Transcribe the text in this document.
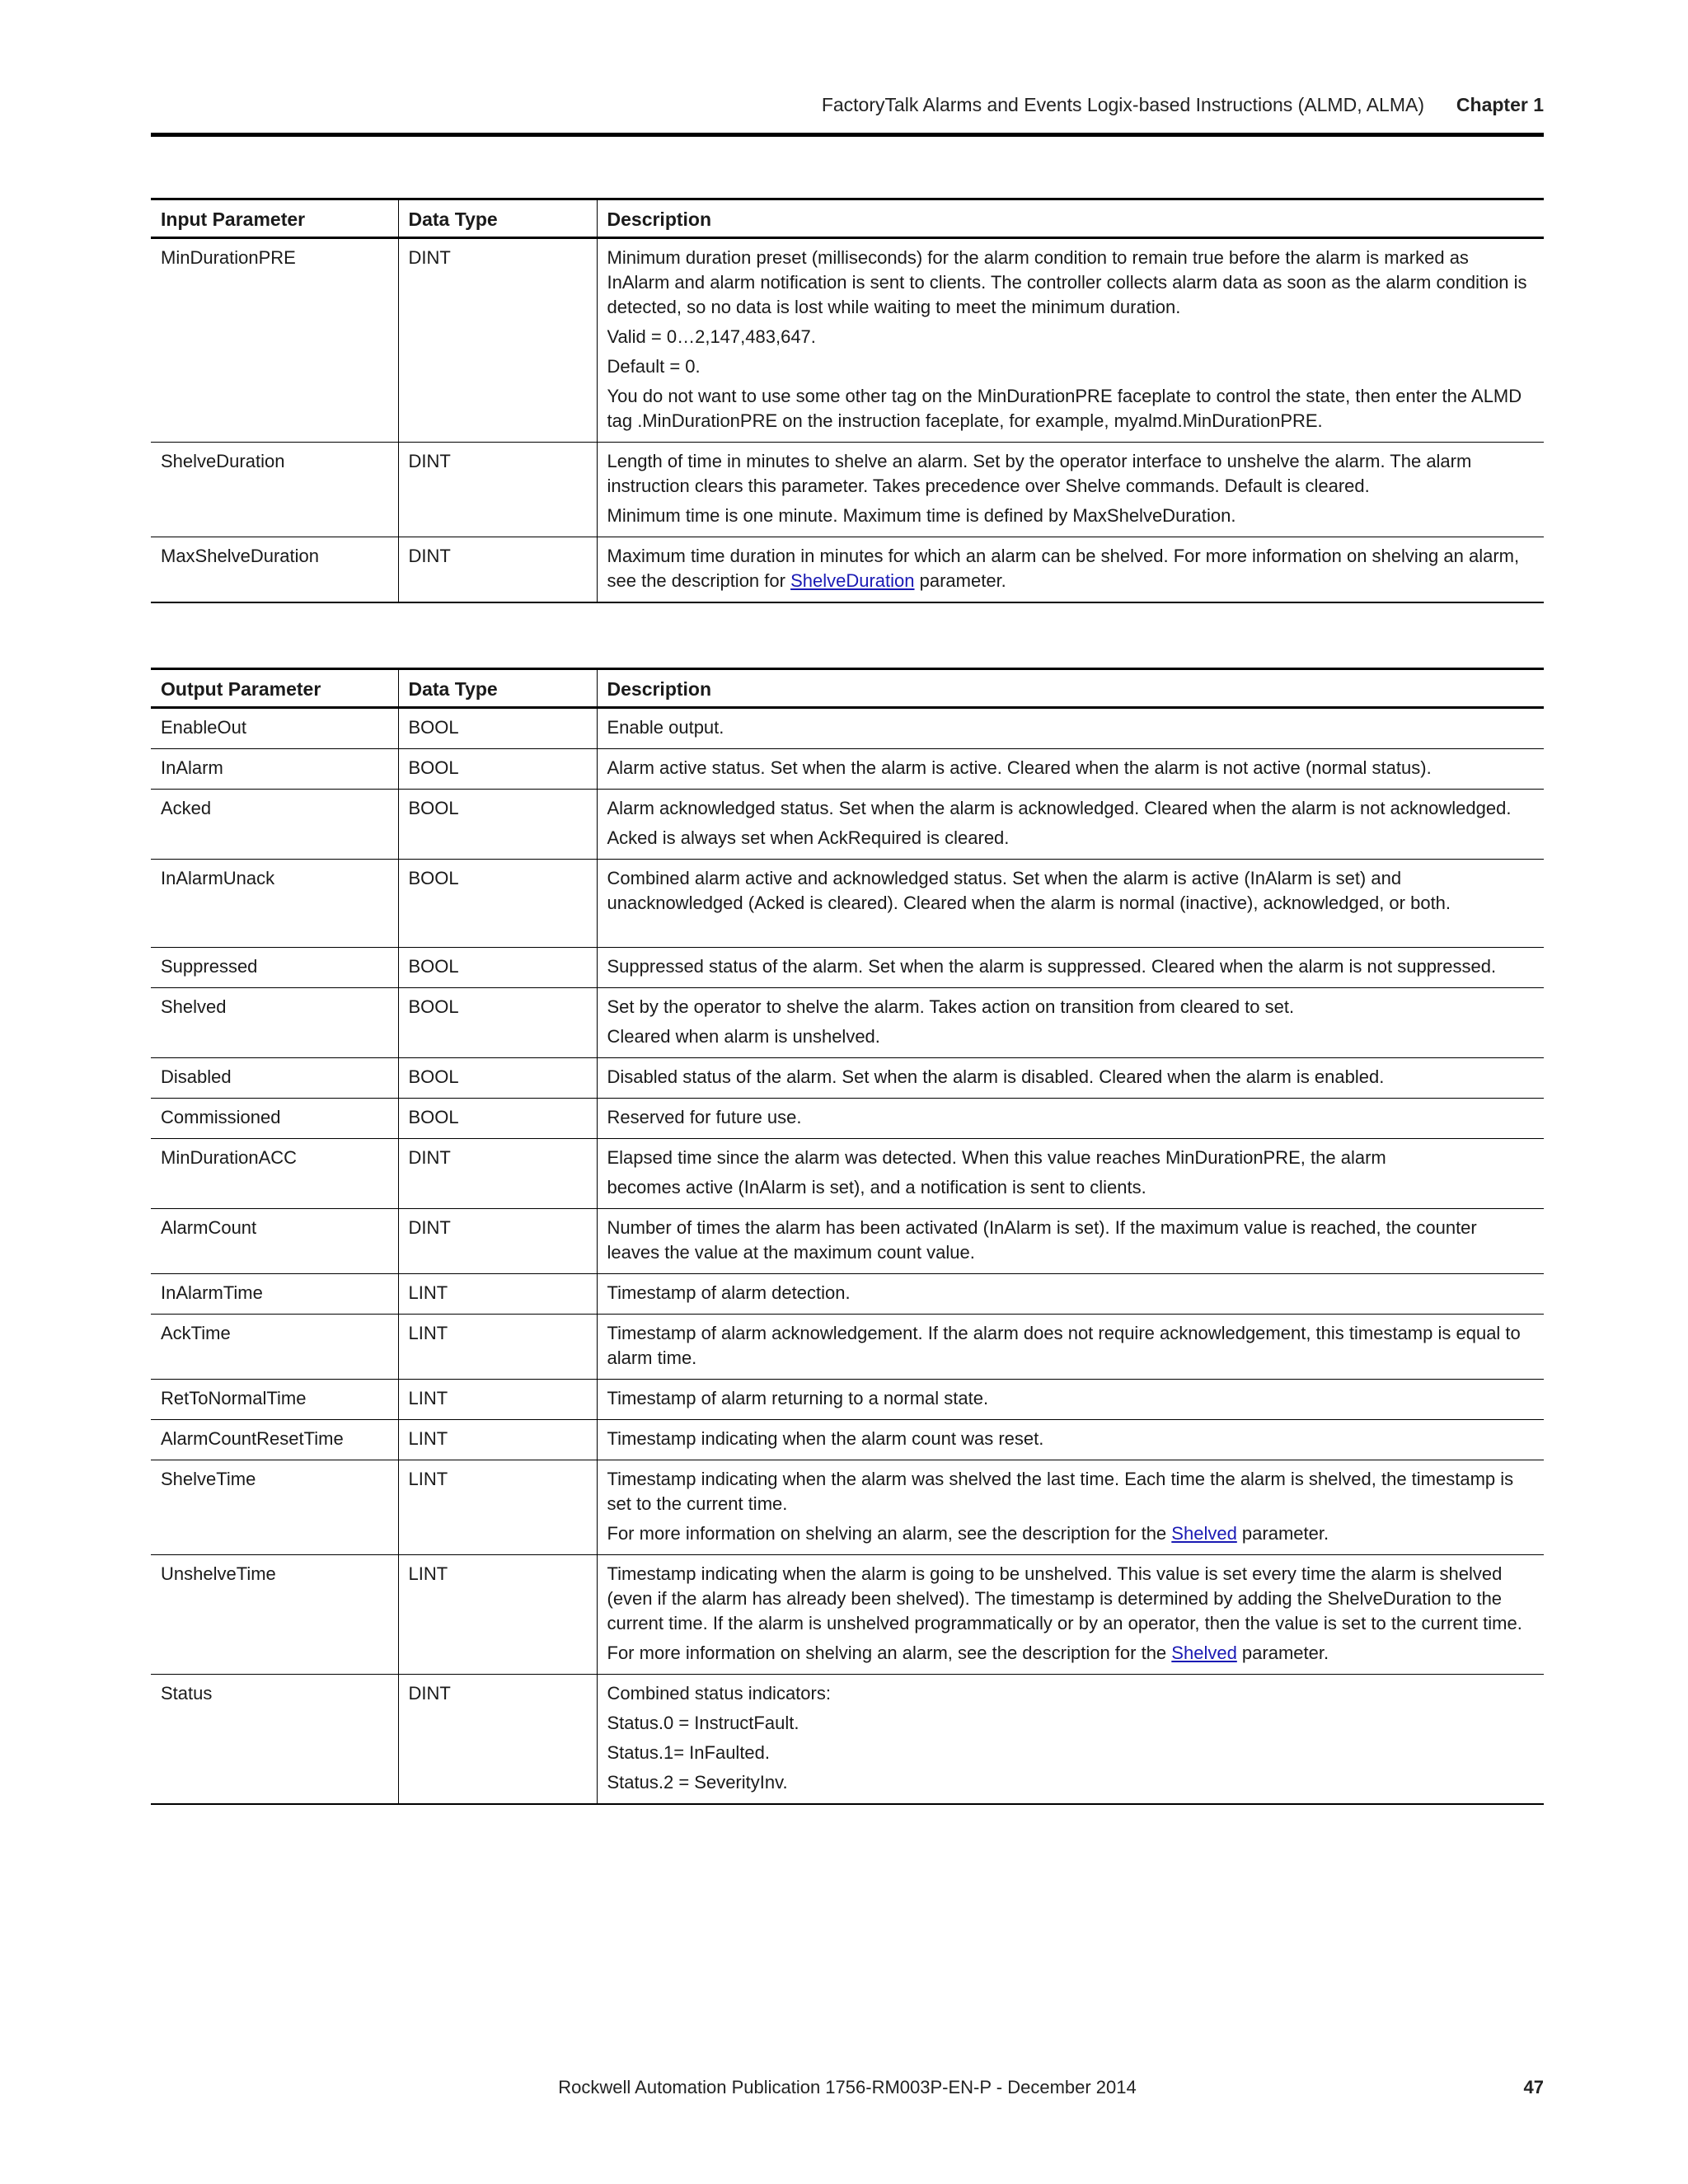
FactoryTalk Alarms and Events Logix-based Instructions (ALMD, ALMA) Chapter 1
Input Parameter	Data Type	Description
MinDurationPRE	DINT	Minimum duration preset (milliseconds) for the alarm condition to remain true before the alarm is marked as InAlarm and alarm notification is sent to clients. The controller collects alarm data as soon as the alarm condition is detected, so no data is lost while waiting to meet the minimum duration.

Valid = 0…2,147,483,647.

Default = 0.

You do not want to use some other tag on the MinDurationPRE faceplate to control the state, then enter the ALMD tag .MinDurationPRE on the instruction faceplate, for example, myalmd.MinDurationPRE.

ShelveDuration	DINT	Length of time in minutes to shelve an alarm. Set by the operator interface to unshelve the alarm. The alarm instruction clears this parameter. Takes precedence over Shelve commands. Default is cleared.

Minimum time is one minute. Maximum time is defined by MaxShelveDuration.

MaxShelveDuration	DINT	Maximum time duration in minutes for which an alarm can be shelved. For more information on shelving an alarm, see the description for ShelveDuration parameter.

Output Parameter	Data Type	Description
EnableOut	BOOL	Enable output.

InAlarm	BOOL	Alarm active status. Set when the alarm is active. Cleared when the alarm is not active (normal status).

Acked	BOOL	Alarm acknowledged status. Set when the alarm is acknowledged. Cleared when the alarm is not acknowledged.

Acked is always set when AckRequired is cleared.

InAlarmUnack	BOOL	Combined alarm active and acknowledged status. Set when the alarm is active (InAlarm is set) and unacknowledged (Acked is cleared). Cleared when the alarm is normal (inactive), acknowledged, or both.

Suppressed	BOOL	Suppressed status of the alarm. Set when the alarm is suppressed. Cleared when the alarm is not suppressed.

Shelved	BOOL	Set by the operator to shelve the alarm. Takes action on transition from cleared to set.

Cleared when alarm is unshelved.

Disabled	BOOL	Disabled status of the alarm. Set when the alarm is disabled. Cleared when the alarm is enabled.

Commissioned	BOOL	Reserved for future use.

MinDurationACC	DINT	Elapsed time since the alarm was detected. When this value reaches MinDurationPRE, the alarm

becomes active (InAlarm is set), and a notification is sent to clients.

AlarmCount	DINT	Number of times the alarm has been activated (InAlarm is set). If the maximum value is reached, the counter leaves the value at the maximum count value.

InAlarmTime	LINT	Timestamp of alarm detection.

AckTime	LINT	Timestamp of alarm acknowledgement. If the alarm does not require acknowledgement, this timestamp is equal to alarm time.

RetToNormalTime	LINT	Timestamp of alarm returning to a normal state.

AlarmCountResetTime	LINT	Timestamp indicating when the alarm count was reset.

ShelveTime	LINT	Timestamp indicating when the alarm was shelved the last time. Each time the alarm is shelved, the timestamp is set to the current time.

For more information on shelving an alarm, see the description for the Shelved parameter.

UnshelveTime	LINT	Timestamp indicating when the alarm is going to be unshelved. This value is set every time the alarm is shelved (even if the alarm has already been shelved). The timestamp is determined by adding the ShelveDuration to the current time. If the alarm is unshelved programmatically or by an operator, then the value is set to the current time.

For more information on shelving an alarm, see the description for the Shelved parameter.

Status	DINT	Combined status indicators:

Status.0 = InstructFault.

Status.1= InFaulted.

Status.2 = SeverityInv.

Rockwell Automation Publication 1756-RM003P-EN-P - December 2014	47
